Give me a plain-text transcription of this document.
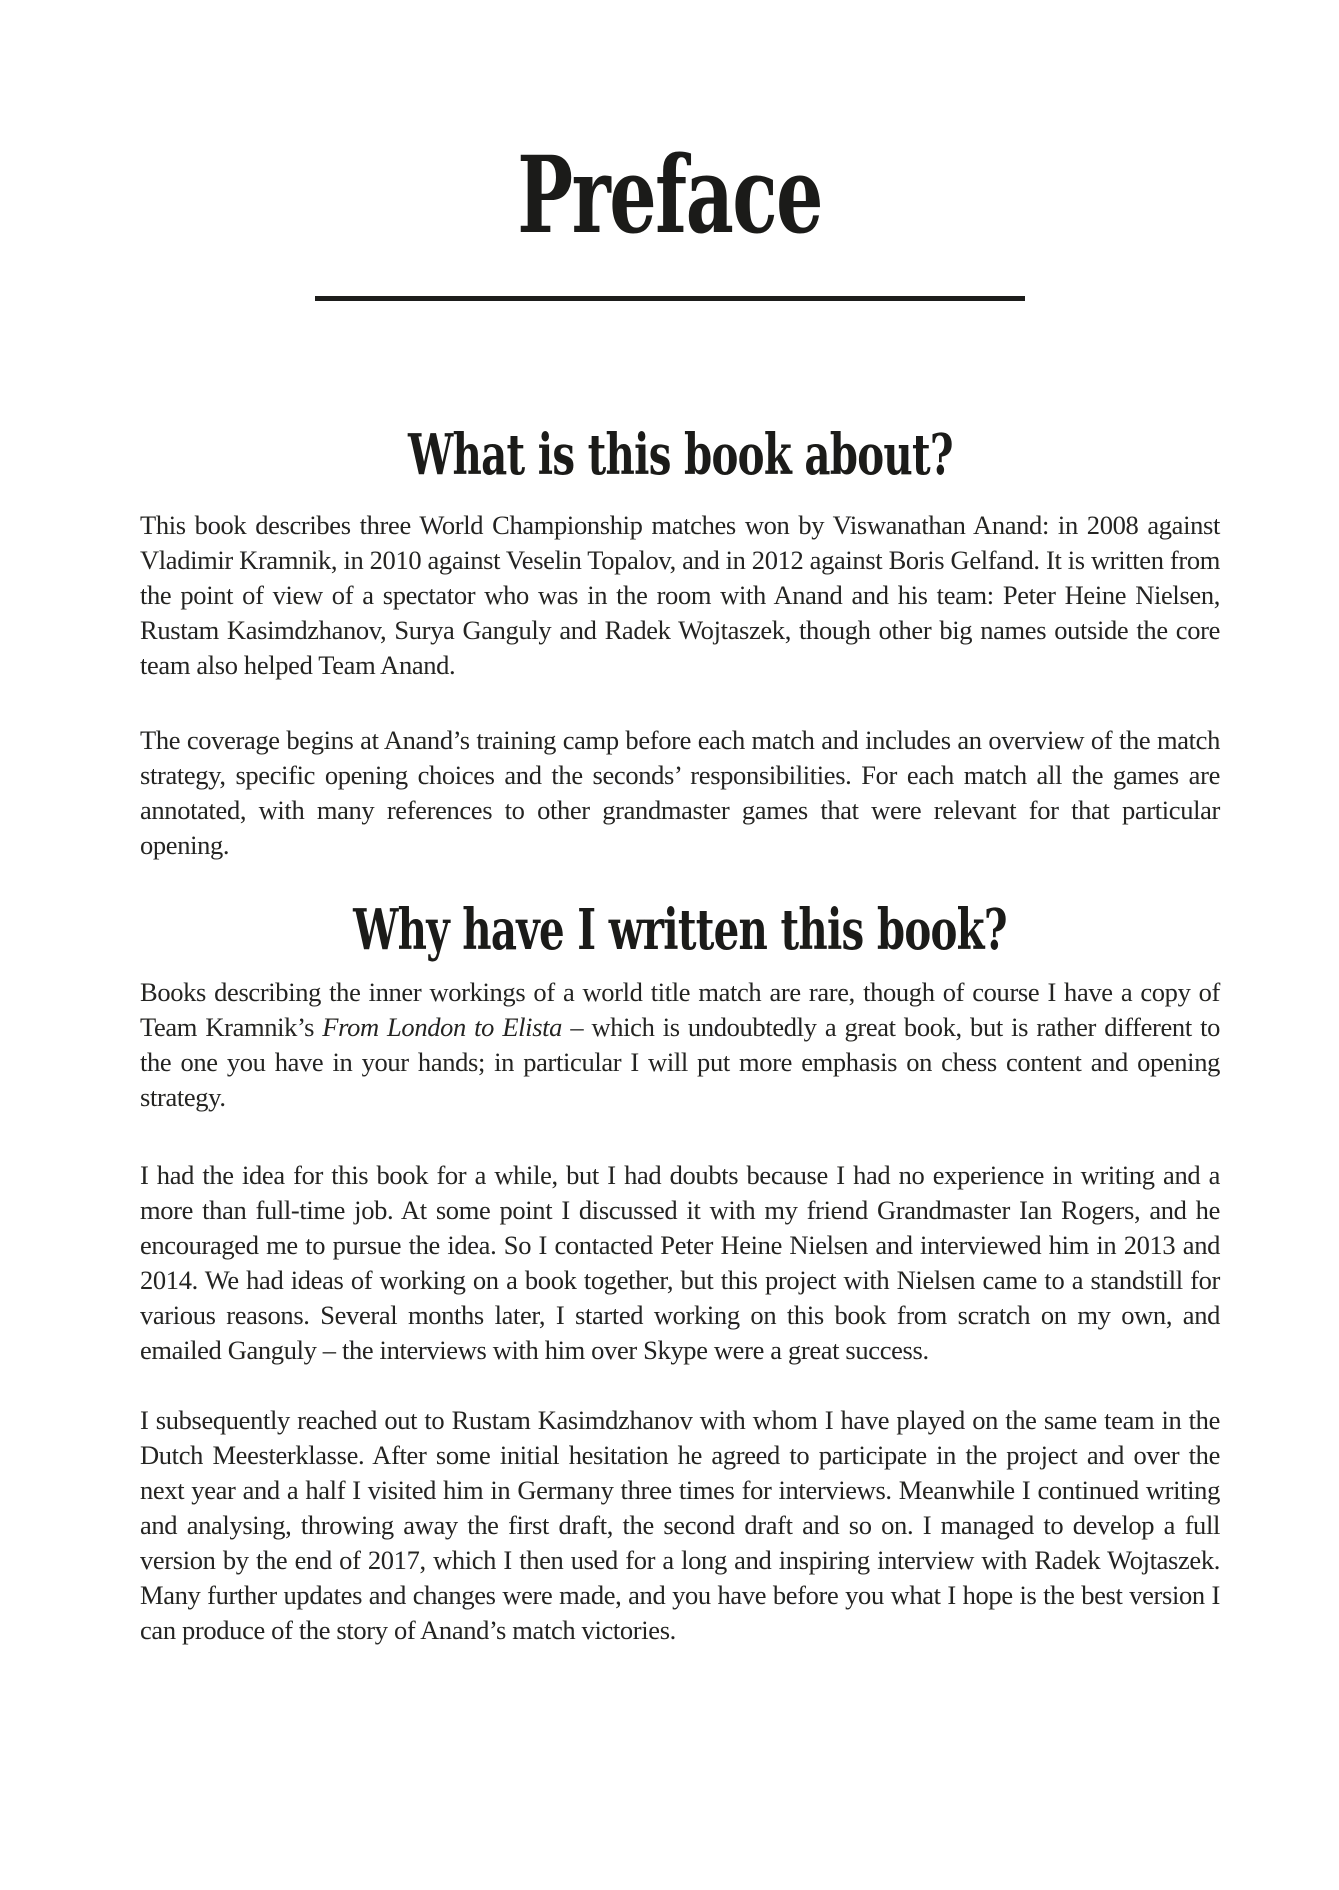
Preface
What is this book about?

This book describes three World Championship matches won by Viswanathan Anand: in 2008 against Vladimir Kramnik, in 2010 against Veselin Topalov, and in 2012 against Boris Gelfand. It is written from the point of view of a spectator who was in the room with Anand and his team: Peter Heine Nielsen, Rustam Kasimdzhanov, Surya Ganguly and Radek Wojtaszek, though other big names outside the core team also helped Team Anand.

The coverage begins at Anand’s training camp before each match and includes an overview of the match strategy, specific opening choices and the seconds’ responsibilities. For each match all the games are annotated, with many references to other grandmaster games that were relevant for that particular opening.

Why have I written this book?

Books describing the inner workings of a world title match are rare, though of course I have a copy of Team Kramnik’s From London to Elista – which is undoubtedly a great book, but is rather different to the one you have in your hands; in particular I will put more emphasis on chess content and opening strategy.

I had the idea for this book for a while, but I had doubts because I had no experience in writing and a more than full-time job. At some point I discussed it with my friend Grandmaster Ian Rogers, and he encouraged me to pursue the idea. So I contacted Peter Heine Nielsen and interviewed him in 2013 and 2014. We had ideas of working on a book together, but this project with Nielsen came to a standstill for various reasons. Several months later, I started working on this book from scratch on my own, and emailed Ganguly – the interviews with him over Skype were a great success.

I subsequently reached out to Rustam Kasimdzhanov with whom I have played on the same team in the Dutch Meesterklasse. After some initial hesitation he agreed to participate in the project and over the next year and a half I visited him in Germany three times for interviews. Meanwhile I continued writing and analysing, throwing away the first draft, the second draft and so on. I managed to develop a full version by the end of 2017, which I then used for a long and inspiring interview with Radek Wojtaszek. Many further updates and changes were made, and you have before you what I hope is the best version I can produce of the story of Anand’s match victories.
